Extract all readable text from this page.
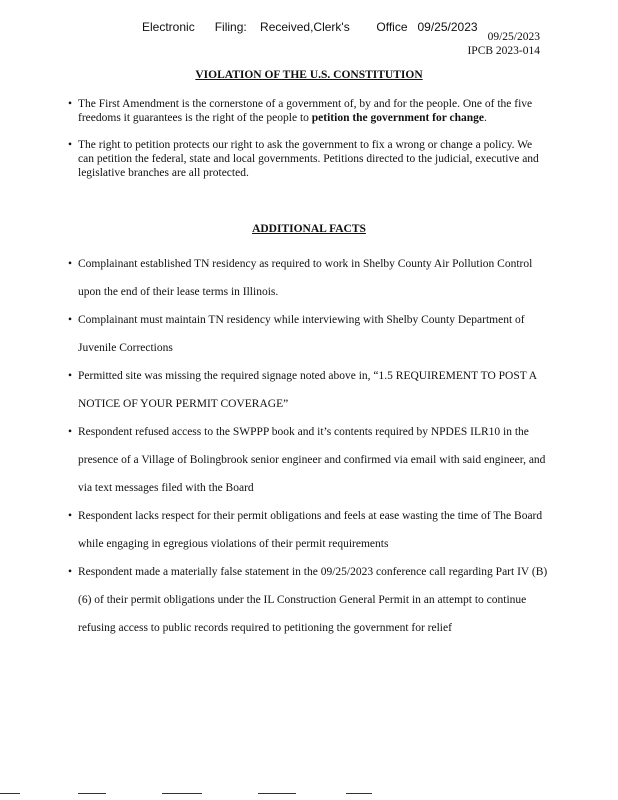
Electronic      Filing:    Received,Clerk's        Office   09/25/2023
09/25/2023
IPCB 2023-014
VIOLATION OF THE U.S. CONSTITUTION
• The First Amendment is the cornerstone of a government of, by and for the people. One of the five freedoms it guarantees is the right of the people to petition the government for change.
• The right to petition protects our right to ask the government to fix a wrong or change a policy. We can petition the federal, state and local governments. Petitions directed to the judicial, executive and legislative branches are all protected.
ADDITIONAL FACTS
• Complainant established TN residency as required to work in Shelby County Air Pollution Control upon the end of their lease terms in Illinois.
• Complainant must maintain TN residency while interviewing with Shelby County Department of Juvenile Corrections
• Permitted site was missing the required signage noted above in, “1.5 REQUIREMENT TO POST A NOTICE OF YOUR PERMIT COVERAGE”
• Respondent refused access to the SWPPP book and it’s contents required by NPDES ILR10 in the presence of a Village of Bolingbrook senior engineer and confirmed via email with said engineer, and via text messages filed with the Board
• Respondent lacks respect for their permit obligations and feels at ease wasting the time of The Board while engaging in egregious violations of their permit requirements
• Respondent made a materially false statement in the 09/25/2023 conference call regarding Part IV (B) (6) of their permit obligations under the IL Construction General Permit in an attempt to continue refusing access to public records required to petitioning the government for relief
